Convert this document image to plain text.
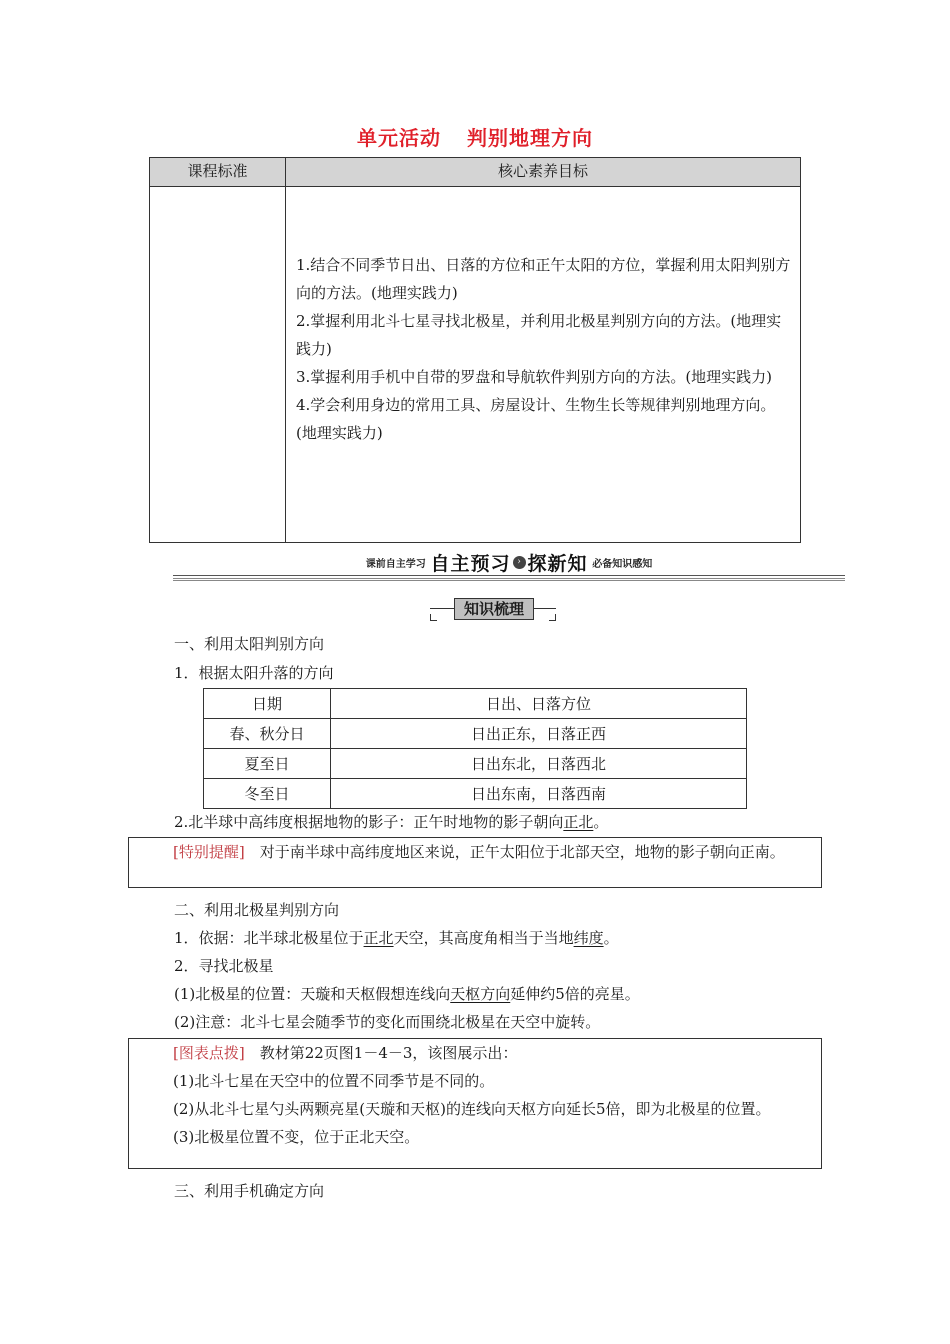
单元活动 判别地理方向
课程标准	核心素养目标

1.结合不同季节日出、日落的方位和正午太阳的方位，掌握利用太阳判别方向的方法。(地理实践力)

2.掌握利用北斗七星寻找北极星，并利用北极星判别方向的方法。(地理实践力)

3.掌握利用手机中自带的罗盘和导航软件判别方向的方法。(地理实践力)

4.学会利用身边的常用工具、房屋设计、生物生长等规律判别地理方向。(地理实践力)

课前自主学习 自主预习 › 探新知 必备知识感知
知识梳理
一、利用太阳判别方向
1．根据太阳升落的方向
日期	日出、日落方位
春、秋分日	日出正东，日落正西
夏至日	日出东北，日落西北
冬至日	日出东南，日落西南
2.北半球中高纬度根据地物的影子：正午时地物的影子朝向正北。

[特别提醒]　对于南半球中高纬度地区来说，正午太阳位于北部天空，地物的影子朝向正南。

二、利用北极星判别方向
1．依据：北半球北极星位于正北天空，其高度角相当于当地纬度。
2．寻找北极星
(1)北极星的位置：天璇和天枢假想连线向天枢方向延伸约5倍的亮星。
(2)注意：北斗七星会随季节的变化而围绕北极星在天空中旋转。

[图表点拨]　教材第22页图1－4－3，该图展示出：

(1)北斗七星在天空中的位置不同季节是不同的。

(2)从北斗七星勺头两颗亮星(天璇和天枢)的连线向天枢方向延长5倍，即为北极星的位置。

(3)北极星位置不变，位于正北天空。

三、利用手机确定方向
